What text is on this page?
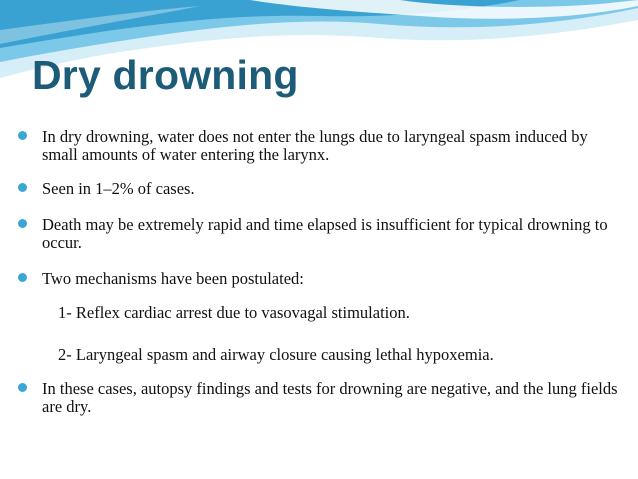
Dry drowning
In dry drowning, water does not enter the lungs due to laryngeal spasm induced by small amounts of water entering the larynx.
Seen in 1–2% of cases.
Death may be extremely rapid and time elapsed is insufficient for typical drowning to occur.
Two mechanisms have been postulated:
1- Reflex cardiac arrest due to vasovagal stimulation.
2- Laryngeal spasm and airway closure causing lethal hypoxemia.
In these cases, autopsy findings and tests for drowning are negative, and the lung fields are dry.
